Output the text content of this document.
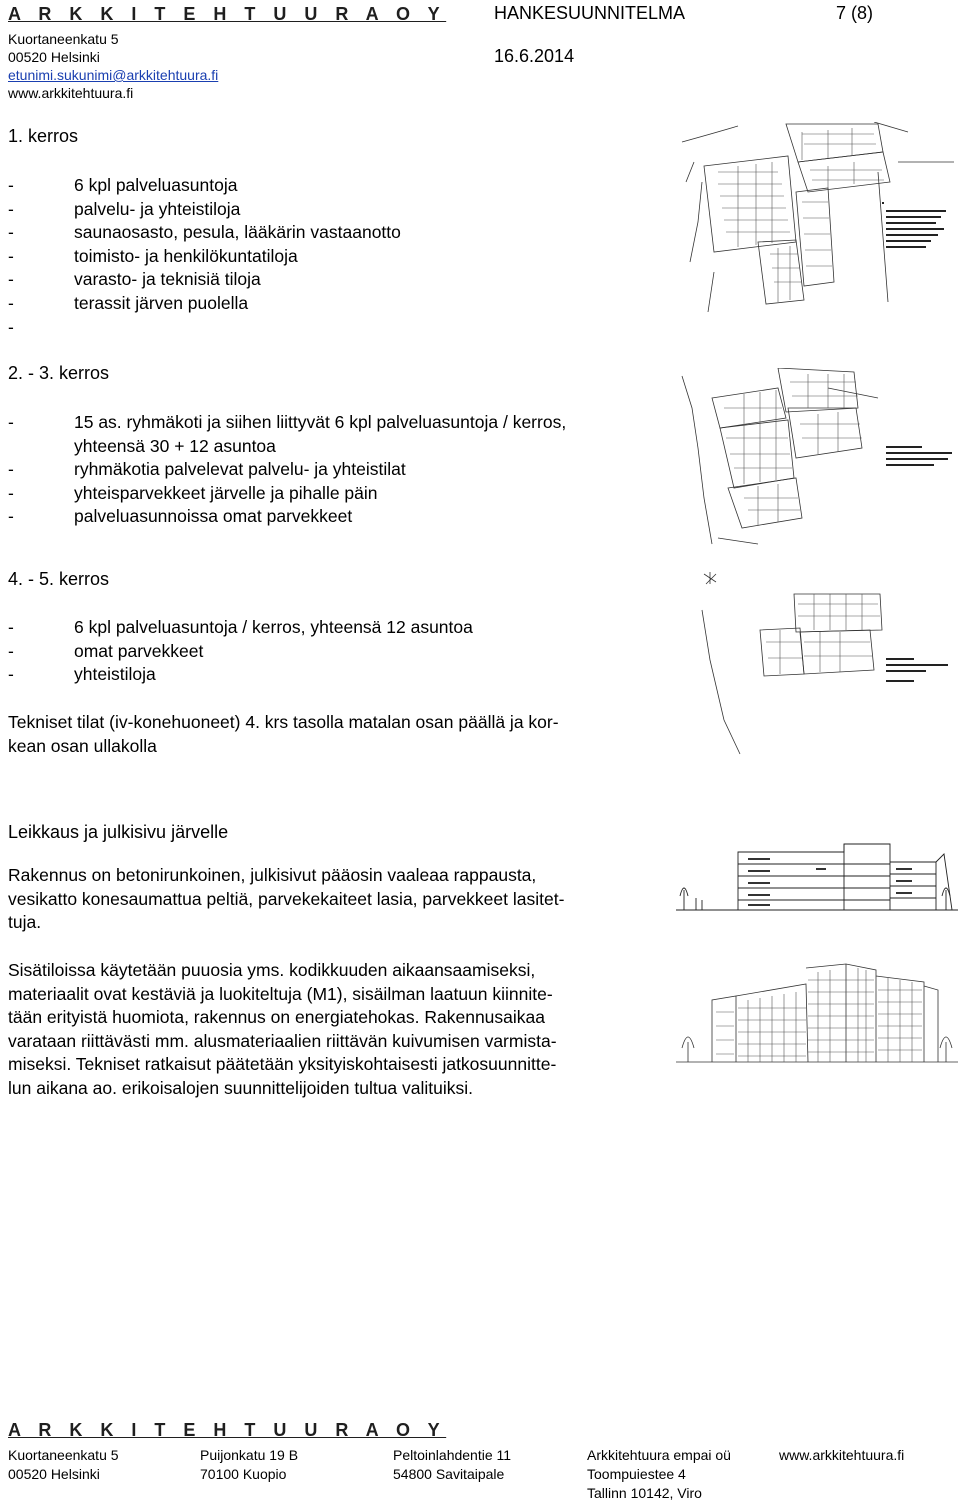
A R K K I T E H T U U R A O Y
Kuortaneenkatu 5
00520 Helsinki
etunimi.sukunimi@arkkitehtuura.fi
www.arkkitehtuura.fi
HANKESUUNNITELMA	7 (8)
16.6.2014
1. kerros
- 6 kpl palveluasuntoja
- palvelu- ja yhteistiloja
- saunaosasto, pesula, lääkärin vastaanotto
- toimisto- ja henkilökuntatiloja
- varasto- ja teknisiä tiloja
- terassit järven puolella
-
2. - 3. kerros
-	15 as. ryhmäkoti ja siihen liittyvät 6 kpl palveluasuntoja / kerros,
yhteensä 30 + 12 asuntoa
- ryhmäkotia palvelevat palvelu- ja yhteistilat
- yhteisparvekkeet järvelle ja pihalle päin
- palveluasunnoissa omat parvekkeet
4. - 5. kerros
- 6 kpl palveluasuntoja / kerros, yhteensä 12 asuntoa
- omat parvekkeet
- yhteistiloja
Tekniset tilat (iv-konehuoneet) 4. krs tasolla matalan osan päällä ja kor-
kean osan ullakolla
Leikkaus ja julkisivu järvelle
Rakennus on betonirunkoinen, julkisivut pääosin vaaleaa rappausta,
vesikatto konesaumattua peltiä, parvekekaiteet lasia, parvekkeet lasitet-
tuja.
Sisätiloissa käytetään puuosia yms. kodikkuuden aikaansaamiseksi,
materiaalit ovat kestäviä ja luokiteltuja (M1), sisäilman laatuun kiinnite-
tään erityistä huomiota, rakennus on energiatehokas. Rakennusaikaa
varataan riittävästi mm. alusmateriaalien riittävän kuivumisen varmista-
miseksi. Tekniset ratkaisut päätetään yksityiskohtaisesti jatkosuunnitte-
lun aikana ao. erikoisalojen suunnittelijoiden tultua valituiksi.
A R K K I T E H T U U R A O Y
Kuortaneenkatu 5
00520 Helsinki
Puijonkatu 19 B
70100 Kuopio
Peltoinlahdentie 11
54800 Savitaipale
Arkkitehtuura empai oü
Toompuiestee 4
Tallinn 10142, Viro
www.arkkitehtuura.fi
